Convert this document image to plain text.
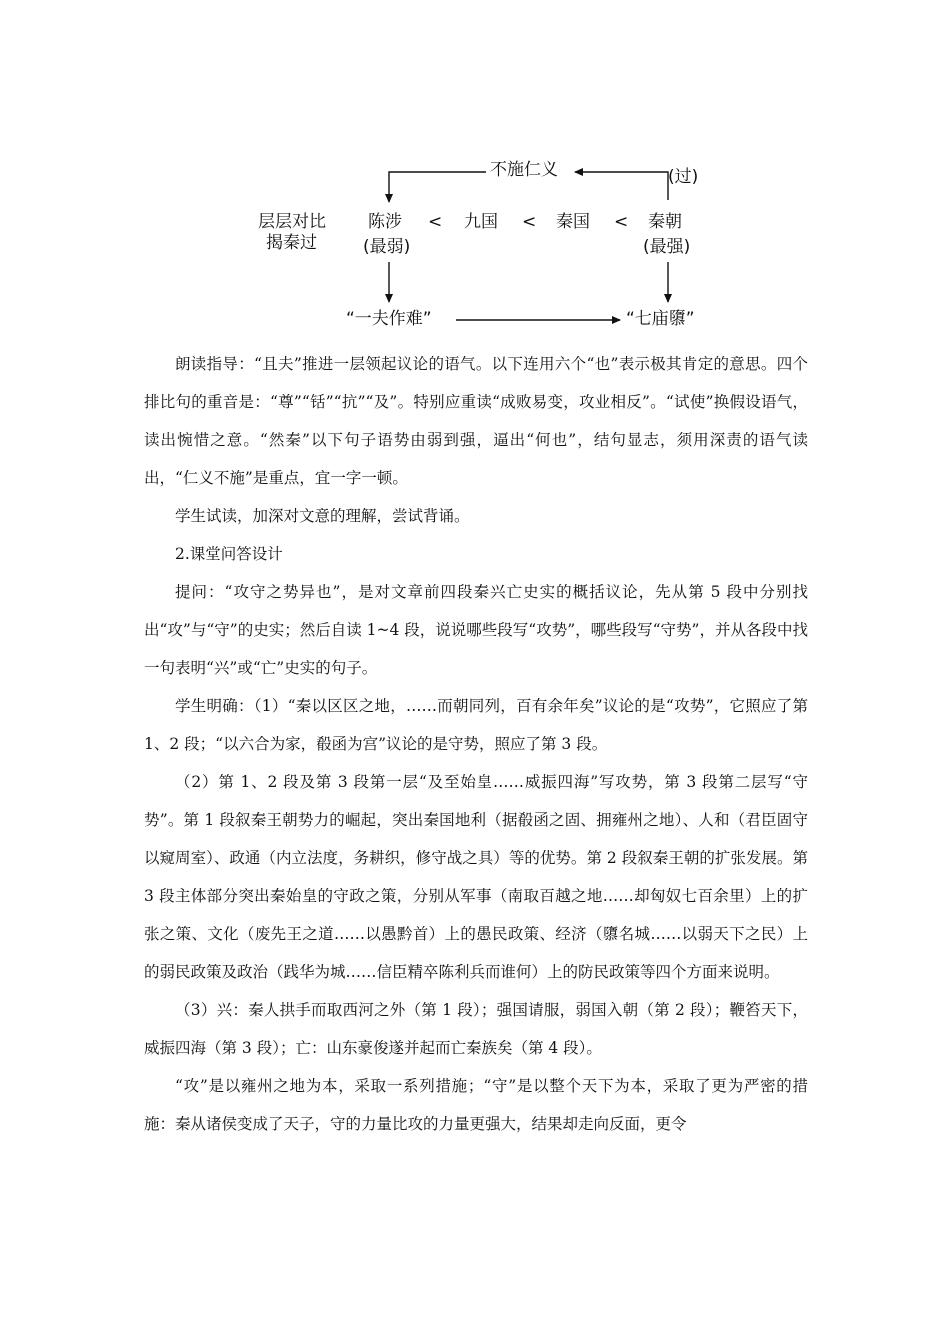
不施仁义	(过)
层层对比
揭秦过
陈涉 < 九国 < 秦国 < 秦朝
(最弱)	(最强)
“一夫作难”	“七庙隳”

朗读指导：“且夫”推进一层领起议论的语气。以下连用六个“也”表示极其肯定的意思。四个排比句的重音是：“尊”“铦”“抗”“及”。特别应重读“成败易变，攻业相反”。“试使”换假设语气，读出惋惜之意。“然秦”以下句子语势由弱到强，逼出“何也”，结句显志，须用深责的语气读出，“仁义不施”是重点，宜一字一顿。

学生试读，加深对文意的理解，尝试背诵。

2.课堂问答设计

提问：“攻守之势异也”，是对文章前四段秦兴亡史实的概括议论，先从第 5 段中分别找出“攻”与“守”的史实；然后自读 1~4 段，说说哪些段写“攻势”，哪些段写“守势”，并从各段中找一句表明“兴”或“亡”史实的句子。

学生明确：（1）“秦以区区之地，……而朝同列，百有余年矣”议论的是“攻势”，它照应了第 1、2 段；“以六合为家，殽函为宫”议论的是守势，照应了第 3 段。

（2）第 1、2 段及第 3 段第一层“及至始皇……威振四海”写攻势，第 3 段第二层写“守势”。第 1 段叙秦王朝势力的崛起，突出秦国地利（据殽函之固、拥雍州之地）、人和（君臣固守以窥周室）、政通（内立法度，务耕织，修守战之具）等的优势。第 2 段叙秦王朝的扩张发展。第 3 段主体部分突出秦始皇的守政之策，分别从军事（南取百越之地……却匈奴七百余里）上的扩张之策、文化（废先王之道……以愚黔首）上的愚民政策、经济（隳名城……以弱天下之民）上的弱民政策及政治（践华为城……信臣精卒陈利兵而谁何）上的防民政策等四个方面来说明。

（3）兴：秦人拱手而取西河之外（第 1 段）；强国请服，弱国入朝（第 2 段）；鞭笞天下，威振四海（第 3 段）；亡：山东豪俊遂并起而亡秦族矣（第 4 段）。

“攻”是以雍州之地为本，采取一系列措施；“守”是以整个天下为本，采取了更为严密的措施：秦从诸侯变成了天子，守的力量比攻的力量更强大，结果却走向反面，更令
